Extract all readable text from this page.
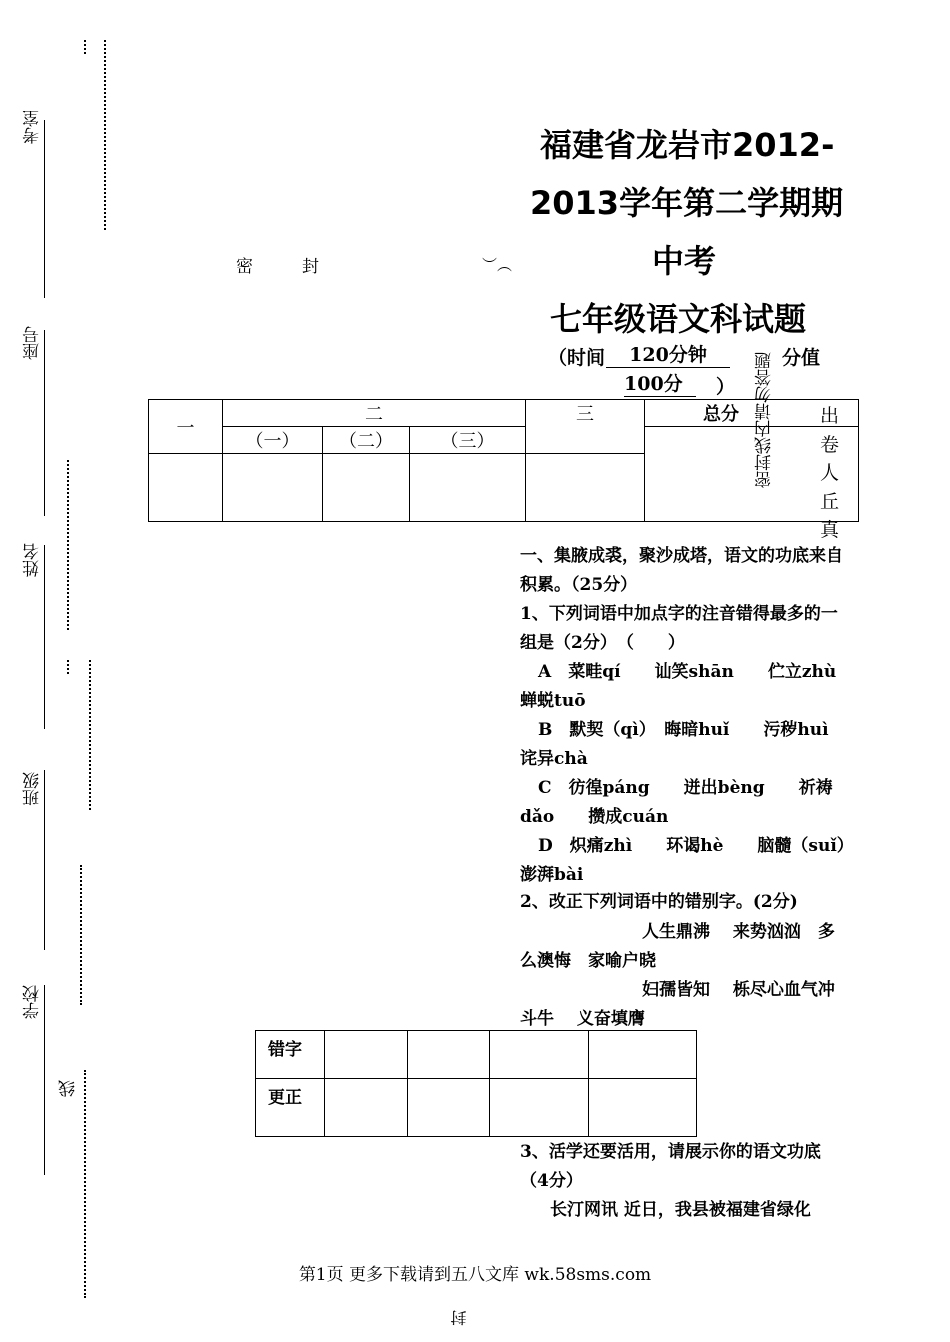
考室
座号
姓名
班级
学校
线
封
密	封	︶︵
福建省龙岩市2012-
2013学年第二学期期
中考
七年级语文科试题
（时间	120分钟	分值
100分	） 密封线内请勿答题 出卷人丘真
一	二			三	总分
	（一）	（二）	（三）		

一、集腋成裘，聚沙成塔，语文的功底来自积累。（25分）
1、下列词语中加点字的注音错得最多的一组是（2分）　（　　）
A　菜畦qí　　讪笑shān　　伫立zhù　　蝉蜕tuō
B　默契（qì）　晦暗huǐ　　污秽huì　　诧异chà
C　彷徨páng　　迸出bèng　　祈祷dǎo　　攒成cuán
D　炽痛zhì　　环谒hè　　脑髓（suǐ）　澎湃bài
2、改正下列词语中的错别字。(2分)
人生鼎沸　 来势汹汹　多么澳悔　家喻户晓
妇孺皆知　 栎尽心血气冲斗牛　 义奋填膺
错字				
更正				
3、活学还要活用，请展示你的语文功底（4分）
长汀网讯 近日，我县被福建省绿化
第1页 更多下载请到五八文库 wk.58sms.com
